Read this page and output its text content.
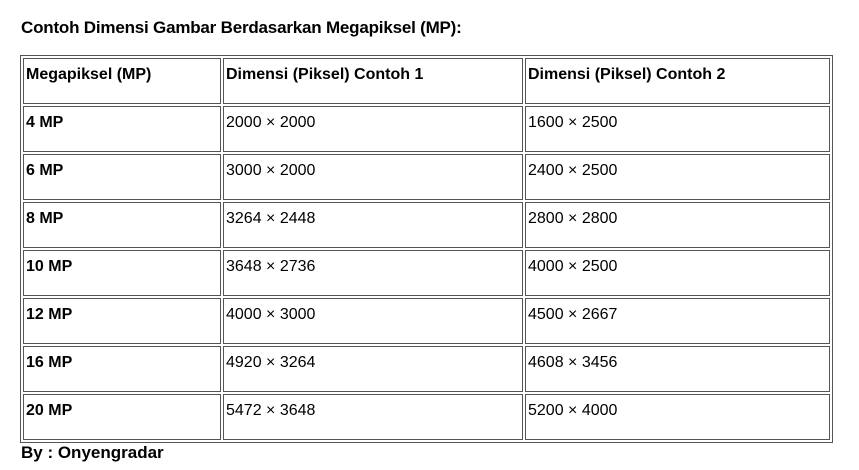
Contoh Dimensi Gambar Berdasarkan Megapiksel (MP):
Megapiksel (MP)	Dimensi (Piksel) Contoh 1	Dimensi (Piksel) Contoh 2
4 MP	2000 × 2000	1600 × 2500
6 MP	3000 × 2000	2400 × 2500
8 MP	3264 × 2448	2800 × 2800
10 MP	3648 × 2736	4000 × 2500
12 MP	4000 × 3000	4500 × 2667
16 MP	4920 × 3264	4608 × 3456
20 MP	5472 × 3648	5200 × 4000
By : Onyengradar
